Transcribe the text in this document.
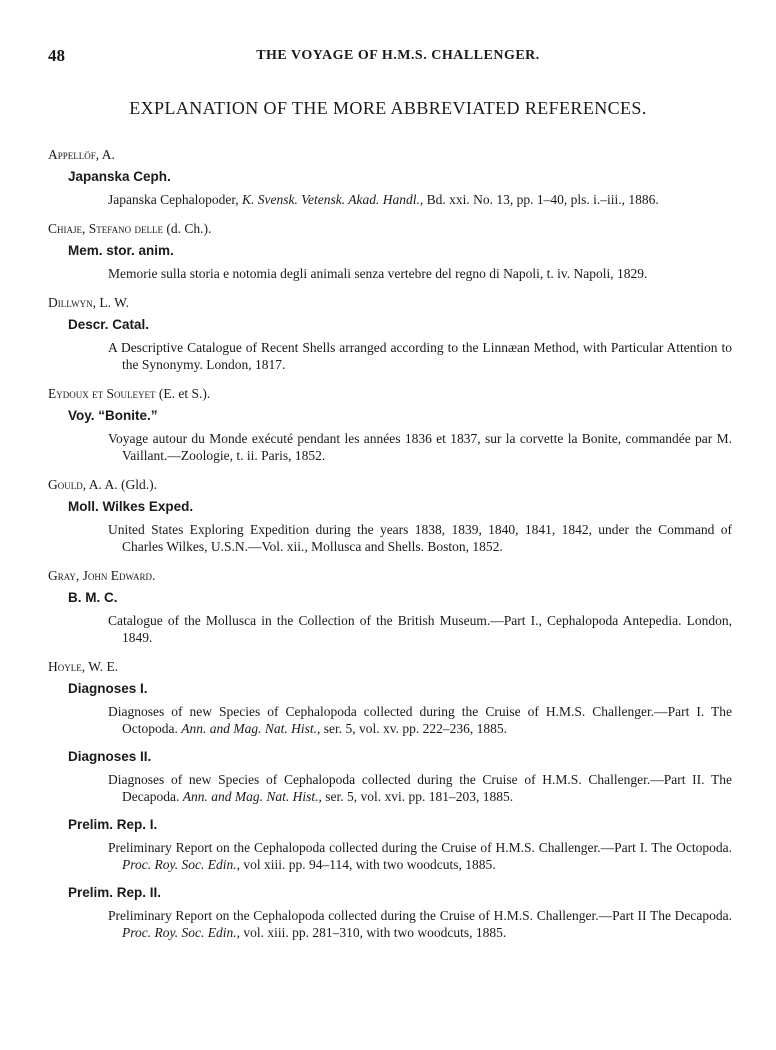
48	THE VOYAGE OF H.M.S. CHALLENGER.
EXPLANATION OF THE MORE ABBREVIATED REFERENCES.
Appellöf, A.
Japanska Ceph.
Japanska Cephalopoder, K. Svensk. Vetensk. Akad. Handl., Bd. xxi. No. 13, pp. 1–40, pls. i.–iii., 1886.
Chiaje, Stefano delle (d. Ch.).
Mem. stor. anim.
Memorie sulla storia e notomia degli animali senza vertebre del regno di Napoli, t. iv. Napoli, 1829.
Dillwyn, L. W.
Descr. Catal.
A Descriptive Catalogue of Recent Shells arranged according to the Linnæan Method, with Particular Attention to the Synonymy. London, 1817.
Eydoux et Souleyet (E. et S.).
Voy. “Bonite.”
Voyage autour du Monde exécuté pendant les années 1836 et 1837, sur la corvette la Bonite, commandée par M. Vaillant.—Zoologie, t. ii. Paris, 1852.
Gould, A. A. (Gld.).
Moll. Wilkes Exped.
United States Exploring Expedition during the years 1838, 1839, 1840, 1841, 1842, under the Command of Charles Wilkes, U.S.N.—Vol. xii., Mollusca and Shells. Boston, 1852.
Gray, John Edward.
B. M. C.
Catalogue of the Mollusca in the Collection of the British Museum.—Part I., Cephalopoda Antepedia. London, 1849.
Hoyle, W. E.
Diagnoses I.
Diagnoses of new Species of Cephalopoda collected during the Cruise of H.M.S. Challenger.—Part I. The Octopoda. Ann. and Mag. Nat. Hist., ser. 5, vol. xv. pp. 222–236, 1885.
Diagnoses II.
Diagnoses of new Species of Cephalopoda collected during the Cruise of H.M.S. Challenger.—Part II. The Decapoda. Ann. and Mag. Nat. Hist., ser. 5, vol. xvi. pp. 181–203, 1885.
Prelim. Rep. I.
Preliminary Report on the Cephalopoda collected during the Cruise of H.M.S. Challenger.—Part I. The Octopoda. Proc. Roy. Soc. Edin., vol xiii. pp. 94–114, with two woodcuts, 1885.
Prelim. Rep. II.
Preliminary Report on the Cephalopoda collected during the Cruise of H.M.S. Challenger.—Part II The Decapoda. Proc. Roy. Soc. Edin., vol. xiii. pp. 281–310, with two woodcuts, 1885.
